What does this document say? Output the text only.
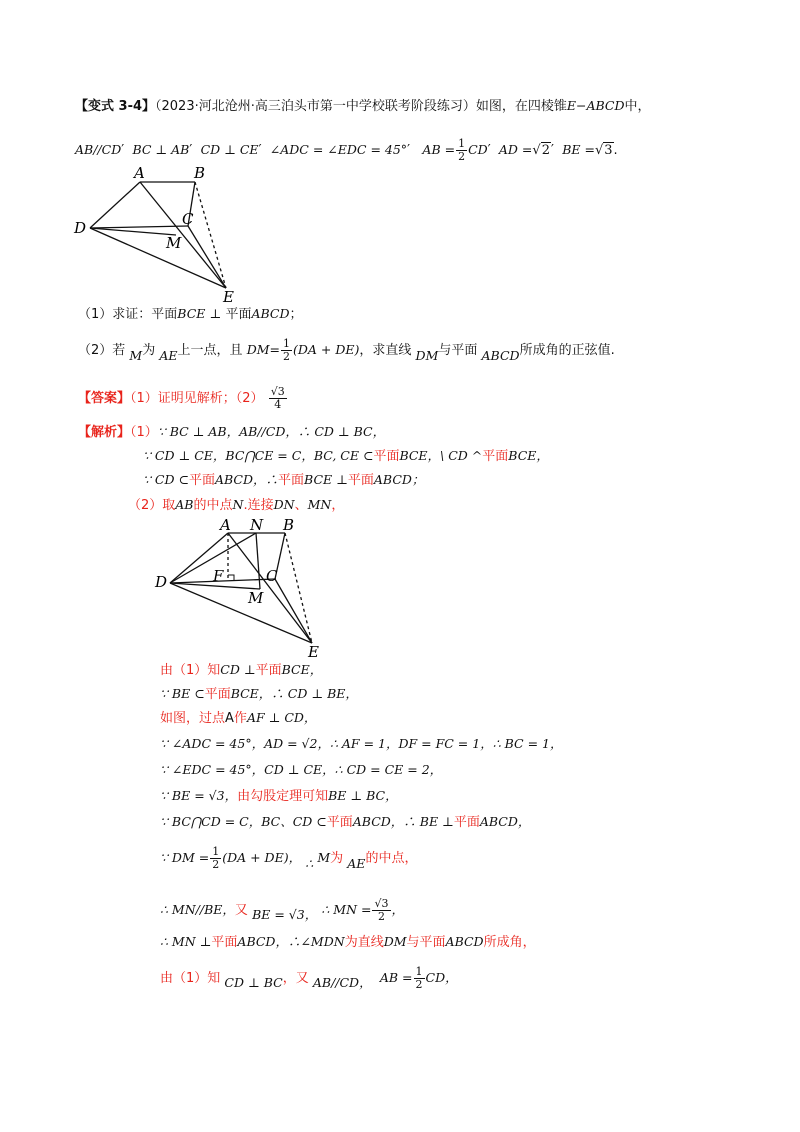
【变式 3-4】（2023·河北沧州·高三泊头市第一中学校联考阶段练习）如图，在四棱锥E−ABCD中，
AB//CD′  BC ⊥ AB′  CD ⊥ CE′  ∠ADC = ∠EDC = 45°′   AB = $\frac{1}{2} CD'$  AD =√2′  BE =√3.
A	B
C
D
M
E
（1）求证：平面BCE ⊥ 平面ABCD；
（2）若 M为 AE上一点，且 $DM= \frac{1}{2} (DA + DE)$，求直线 DM与平面 ABCD所成角的正弦值.
【答案】（1）证明见解析；$(2) \frac{√3}{4}$
【解析】（1）∵ BC ⊥ AB，AB//CD，∴ CD ⊥ BC，
∵ CD ⊥ CE，BC⋂CE = C，BC, CE ⊂平面BCE，\ CD ^平面BCE，
∵ CD ⊂平面ABCD，∴平面BCE ⊥平面ABCD；
（2）取AB的中点N.连接DN、MN，
A N B
C
D	F
M
E
由（1）知CD ⊥平面BCE，
∵ BE ⊂平面BCE，∴ CD ⊥ BE，
如图，过点A作AF ⊥ CD，
∵ ∠ADC = 45°，AD = √2，∴ AF = 1，DF = FC = 1，∴ BC = 1，
∵ ∠EDC = 45°，CD ⊥ CE，∴ CD = CE = 2，
∵ BE = √3，由勾股定理可知BE ⊥ BC，
∵ BC⋂CD = C，BC、CD ⊂平面ABCD，∴ BE ⊥平面ABCD，
∵ DM = $\frac{1}{2} (DA + DE)$， ∴ M为 AE的中点，
∴ MN//BE，又 BE = √3， ∴ MN = $\frac{√3}{2}$ ，
∴ MN ⊥平面ABCD，∴∠MDN为直线DM与平面ABCD所成角，
由（1）知 CD ⊥ BC，又 AB//CD， AB = $\frac{1}{2}$ CD，
